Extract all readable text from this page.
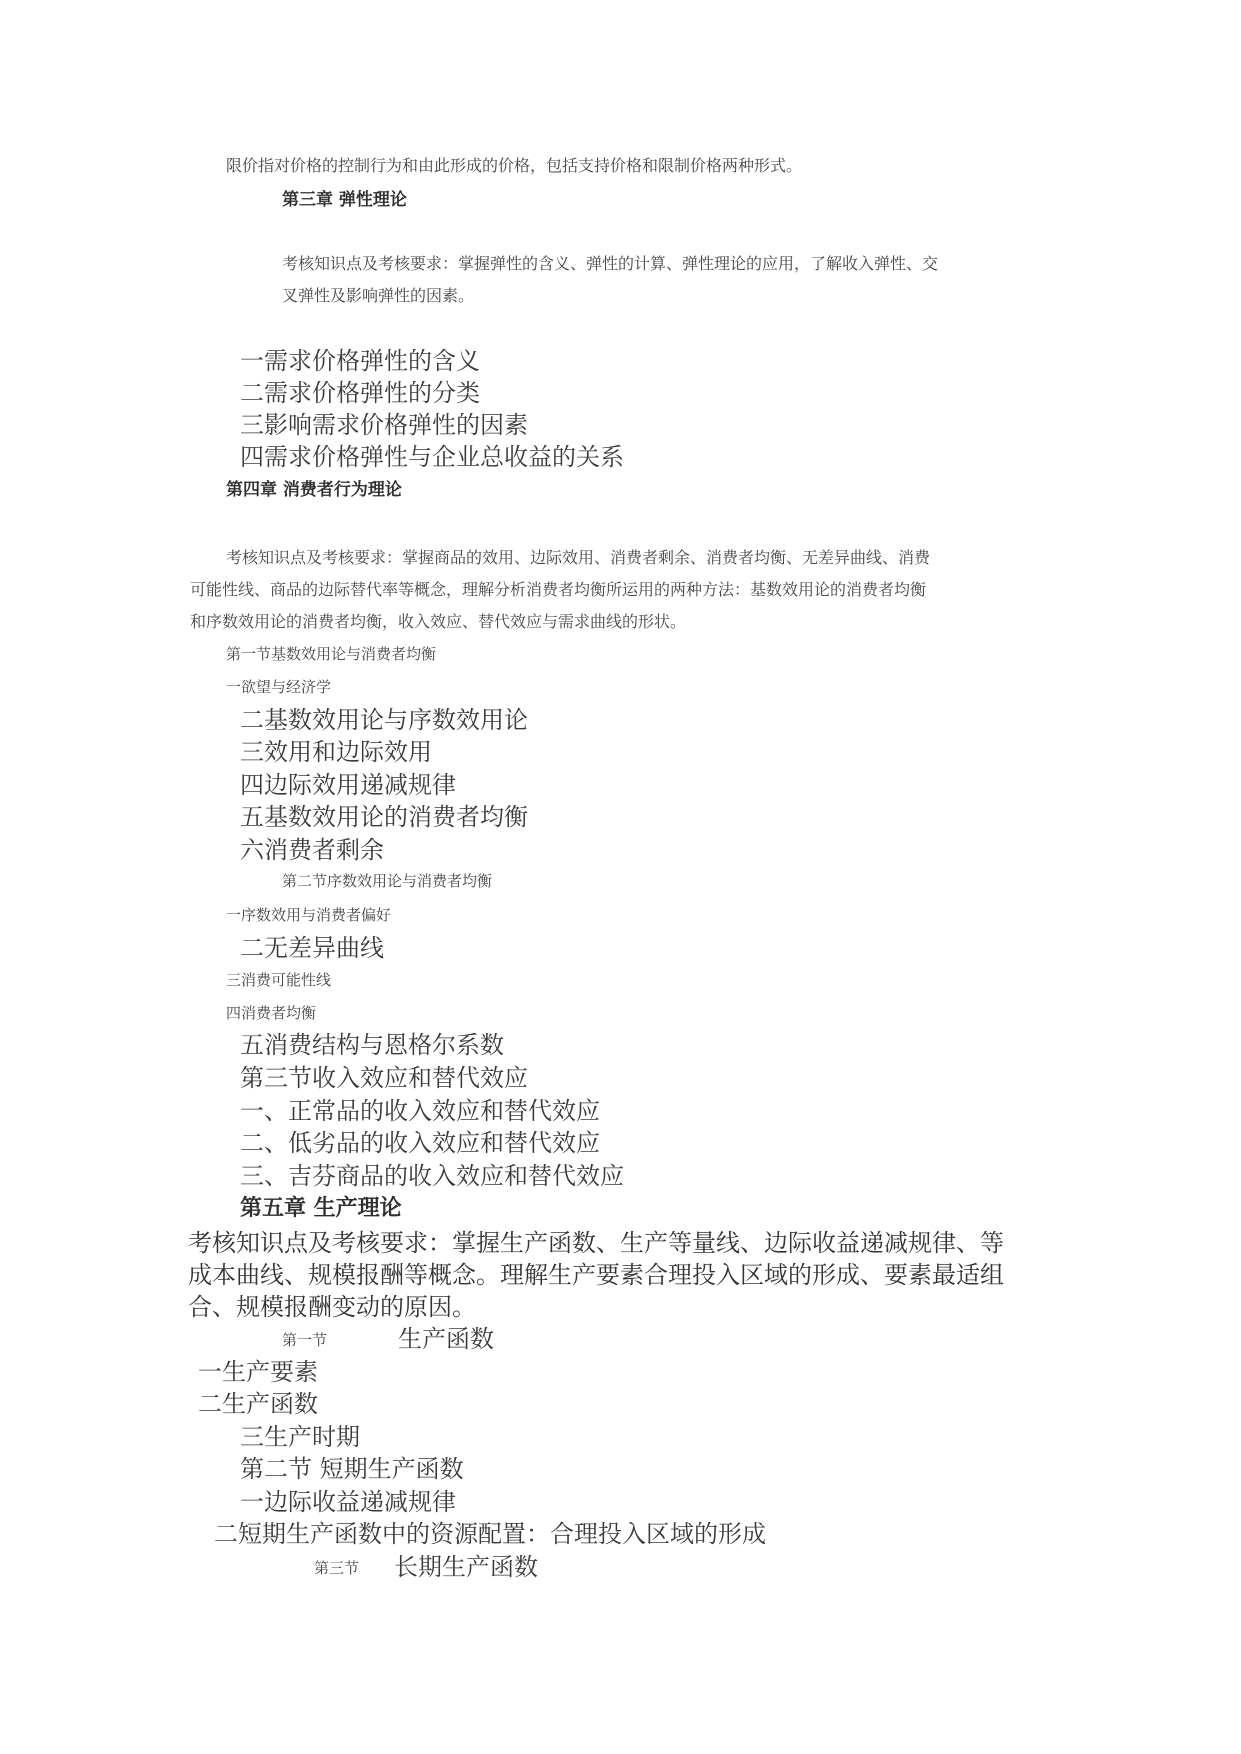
限价指对价格的控制行为和由此形成的价格，包括支持价格和限制价格两种形式。

第三章 弹性理论

考核知识点及考核要求：掌握弹性的含义、弹性的计算、弹性理论的应用，了解收入弹性、交

叉弹性及影响弹性的因素。

一需求价格弹性的含义

二需求价格弹性的分类

三影响需求价格弹性的因素

四需求价格弹性与企业总收益的关系

第四章 消费者行为理论

考核知识点及考核要求：掌握商品的效用、边际效用、消费者剩余、消费者均衡、无差异曲线、消费

可能性线、商品的边际替代率等概念，理解分析消费者均衡所运用的两种方法：基数效用论的消费者均衡

和序数效用论的消费者均衡，收入效应、替代效应与需求曲线的形状。

第一节基数效用论与消费者均衡

一欲望与经济学

二基数效用论与序数效用论

三效用和边际效用

四边际效用递减规律

五基数效用论的消费者均衡

六消费者剩余

第二节序数效用论与消费者均衡

一序数效用与消费者偏好

二无差异曲线

三消费可能性线

四消费者均衡

五消费结构与恩格尔系数

第三节收入效应和替代效应

一、正常品的收入效应和替代效应

二、低劣品的收入效应和替代效应

三、吉芬商品的收入效应和替代效应

第五章 生产理论

考核知识点及考核要求：掌握生产函数、生产等量线、边际收益递减规律、等

成本曲线、规模报酬等概念。理解生产要素合理投入区域的形成、要素最适组

合、规模报酬变动的原因。

第一节	生产函数

一生产要素

二生产函数

三生产时期

第二节 短期生产函数

一边际收益递减规律

二短期生产函数中的资源配置：合理投入区域的形成

第三节 长期生产函数
